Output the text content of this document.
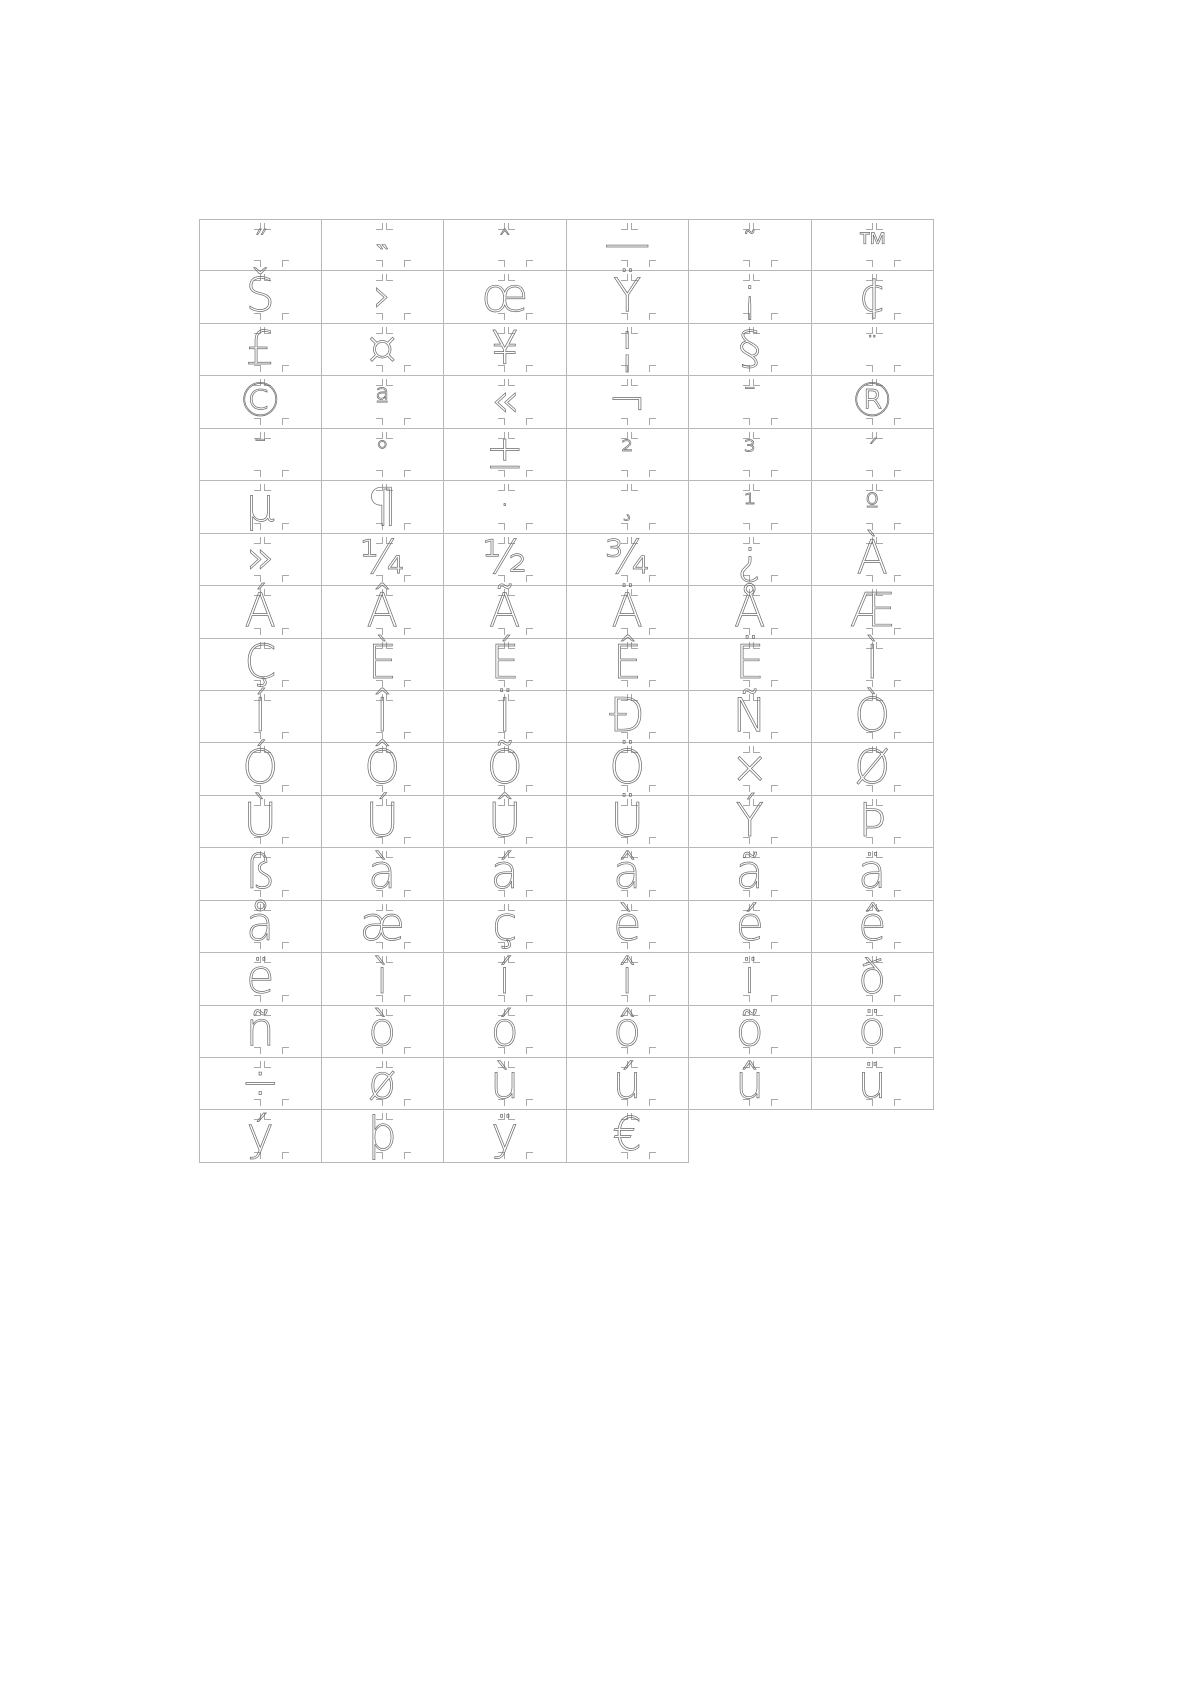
˝	˵	ˆ	—	˜	™
Š	›	œ	Ÿ	¡	¢
£	¤	¥	¦	§	¨
©	ª	«	¬	¯	®
¯	°	±	²	³	´
µ	¶	·	¸	¹	º
»	¼	½	¾	¿	À
Á	Â	Ã	Ä	Å	Æ
Ç	È	É	Ê	Ë	Ì
Í	Î	Ï	Ð	Ñ	Ò
Ó	Ô	Õ	Ö	×	Ø
Ù	Ú	Û	Ü	Ý	Þ
ß	à	á	â	ã	ä
å	æ	ç	è	é	ê
ë	ì	í	î	ï	ð
ñ	ò	ó	ô	õ	ö
÷	ø	ù	ú	û	ü
ý	þ	ÿ	€
